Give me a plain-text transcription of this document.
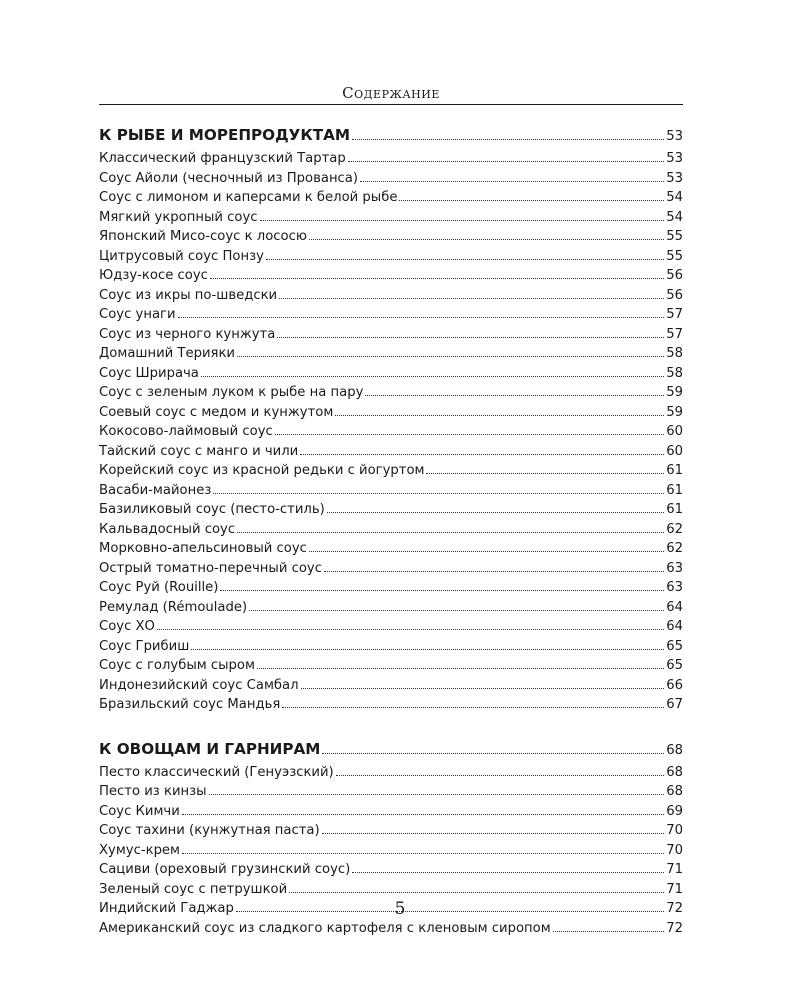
Содержание
К РЫБЕ И МОРЕПРОДУКТАМ	53
Классический французский Тартар	53
Соус Айоли (чесночный из Прованса)	53
Соус с лимоном и каперсами к белой рыбе	54
Мягкий укропный соус	54
Японский Мисо-соус к лососю	55
Цитрусовый соус Понзу	55
Юдзу-косе соус	56
Соус из икры по-шведски	56
Соус унаги	57
Соус из черного кунжута	57
Домашний Терияки	58
Соус Шрирача	58
Соус с зеленым луком к рыбе на пару	59
Соевый соус с медом и кунжутом	59
Кокосово-лаймовый соус	60
Тайский соус с манго и чили	60
Корейский соус из красной редьки с йогуртом	61
Васаби-майонез	61
Базиликовый соус (песто-стиль)	61
Кальвадосный соус	62
Морковно-апельсиновый соус	62
Острый томатно-перечный соус	63
Соус Руй (Rouille)	63
Ремулад (Rémoulade)	64
Соус ХО	64
Соус Грибиш	65
Соус с голубым сыром	65
Индонезийский соус Самбал	66
Бразильский соус Мандья	67
К ОВОЩАМ И ГАРНИРАМ	68
Песто классический (Генуэзский)	68
Песто из кинзы	68
Соус Кимчи	69
Соус тахини (кунжутная паста)	70
Хумус-крем	70
Сациви (ореховый грузинский соус)	71
Зеленый соус с петрушкой	71
Индийский Гаджар	72
Американский соус из сладкого картофеля с кленовым сиропом	72
5
